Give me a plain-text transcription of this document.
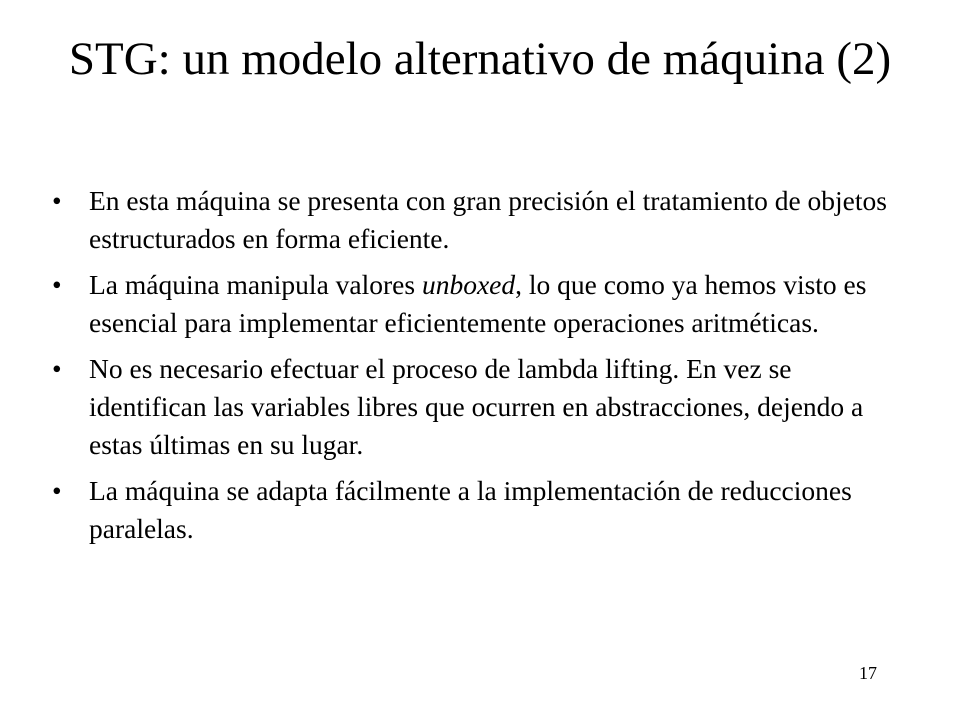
STG: un modelo alternativo de máquina (2)
• En esta máquina se presenta con gran precisión el tratamiento de objetos estructurados en forma eficiente.
• La máquina manipula valores unboxed, lo que como ya hemos visto es esencial para implementar eficientemente operaciones aritméticas.
• No es necesario efectuar el proceso de lambda lifting. En vez se identifican las variables libres que ocurren en abstracciones, dejendo a estas últimas en su lugar.
• La máquina se adapta fácilmente a la implementación de reducciones paralelas.
17
